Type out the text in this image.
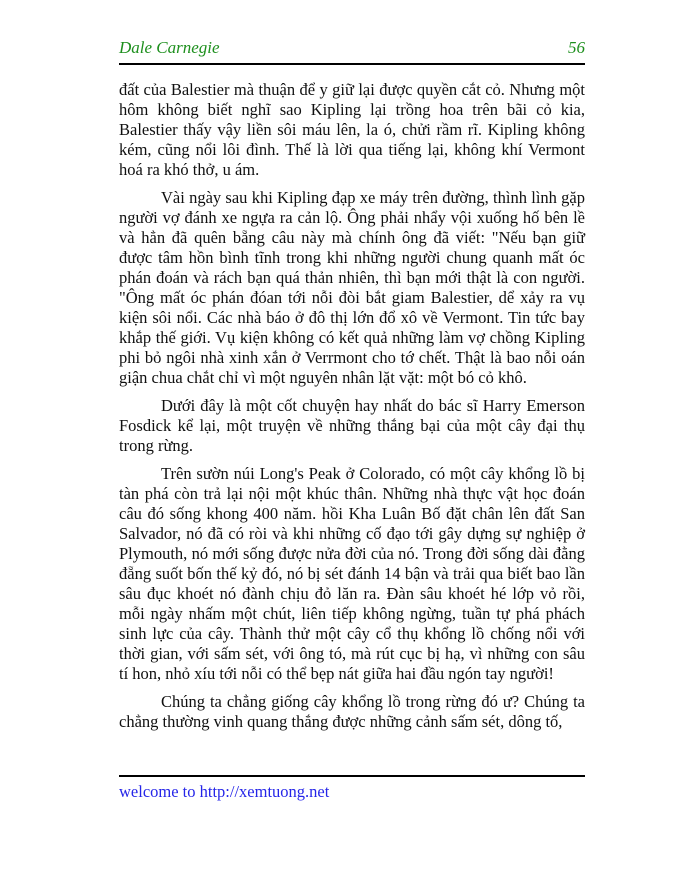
Dale Carnegie	56

đất của Balestier mà thuận để y giữ lại được quyền cắt cỏ. Nhưng một hôm không biết nghĩ sao Kipling lại trồng hoa trên bãi cỏ kia, Balestier thấy vậy liền sôi máu lên, la ó, chửi rầm rĩ. Kipling không kém, cũng nổi lôi đình. Thế là lời qua tiếng lại, không khí Vermont hoá ra khó thở, u ám.

Vài ngày sau khi Kipling đạp xe máy trên đường, thình lình gặp người vợ đánh xe ngựa ra cản lộ. Ông phải nhẩy vội xuống hố bên lề và hẳn đã quên bẵng câu này mà chính ông đã viết: "Nếu bạn giữ được tâm hồn bình tĩnh trong khi những người chung quanh mất óc phán đoán và rách bạn quá thản nhiên, thì bạn mới thật là con người. "Ông mất óc phán đóan tới nỗi đòi bắt giam Balestier, dể xảy ra vụ kiện sôi nổi. Các nhà báo ở đô thị lớn đổ xô về Vermont. Tin tức bay khắp thế giới. Vụ kiện không có kết quả những làm vợ chồng Kipling phi bỏ ngôi nhà xinh xắn ở Verrmont cho tớ chết. Thật là bao nỗi oán giận chua chắt chỉ vì một nguyên nhân lặt vặt: một bó cỏ khô.

Dưới đây là một cốt chuyện hay nhất do bác sĩ Harry Emerson Fosdick kể lại, một truyện về những thắng bại của một cây đại thụ trong rừng.

Trên sườn núi Long's Peak ở Colorado, có một cây khổng lồ bị tàn phá còn trả lại nội một khúc thân. Những nhà thực vật học đoán câu đó sống khong 400 năm. hồi Kha Luân Bố đặt chân lên đất San Salvador, nó đã có ròi và khi những cố đạo tới gây dựng sự nghiệp ở Plymouth, nó mới sống được nửa đời của nó. Trong đời sống dài đằng đẵng suốt bốn thế kỷ đó, nó bị sét đánh 14 bận và trải qua biết bao lần sâu đục khoét nó đành chịu đỏ lăn ra. Đàn sâu khoét hé lớp vỏ rồi, mỗi ngày nhấm một chút, liên tiếp không ngừng, tuần tự phá phách sinh lực của cây. Thành thử một cây cổ thụ khổng lồ chống nổi với thời gian, với sấm sét, với ông tó, mà rút cục bị hạ, vì những con sâu tí hon, nhỏ xíu tới nỗi có thể bẹp nát giữa hai đầu ngón tay người!

Chúng ta chẳng giống cây khổng lồ trong rừng đó ư? Chúng ta chẳng thường vinh quang thắng được những cảnh sấm sét, dông tố,

welcome to http://xemtuong.net
